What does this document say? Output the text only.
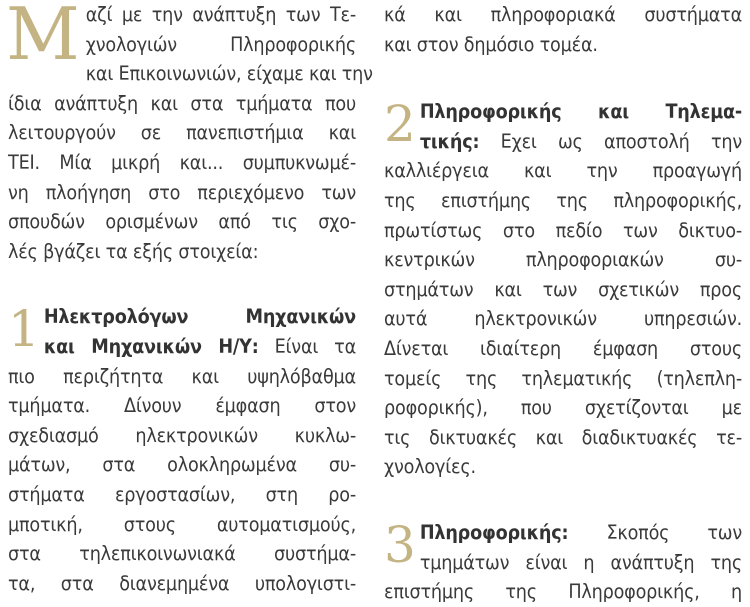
Μ αζί με την ανάπτυξη των Τε-
χνολογιών Πληροφορικής
και Επικοινωνιών, είχαμε και την
ίδια ανάπτυξη και στα τμήματα που
λειτουργούν σε πανεπιστήμια και
ΤΕΙ. Μία μικρή και... συμπυκνωμέ-
νη πλοήγηση στο περιεχόμενο των
σπουδών ορισμένων από τις σχο-
λές βγάζει τα εξής στοιχεία:
1 Ηλεκτρολόγων Μηχανικών
και Μηχανικών Η/Υ: Είναι τα
πιο περιζήτητα και υψηλόβαθμα
τμήματα. Δίνουν έμφαση στον
σχεδιασμό ηλεκτρονικών κυκλω-
μάτων, στα ολοκληρωμένα συ-
στήματα εργοστασίων, στη ρο-
μποτική, στους αυτοματισμούς,
στα τηλεπικοινωνιακά συστήμα-
τα, στα διανεμημένα υπολογιστι-
κά και πληροφοριακά συστήματα
και στον δημόσιο τομέα.
2 Πληροφορικής και Τηλεμα-
τικής: Εχει ως αποστολή την
καλλιέργεια και την προαγωγή
της επιστήμης της πληροφορικής,
πρωτίστως στο πεδίο των δικτυο-
κεντρικών πληροφοριακών συ-
στημάτων και των σχετικών προς
αυτά ηλεκτρονικών υπηρεσιών.
Δίνεται ιδιαίτερη έμφαση στους
τομείς της τηλεματικής (τηλεπλη-
ροφορικής), που σχετίζονται με
τις δικτυακές και διαδικτυακές τε-
χνολογίες.
3 Πληροφορικής: Σκοπός των
τμημάτων είναι η ανάπτυξη της
επιστήμης της Πληροφορικής, η
